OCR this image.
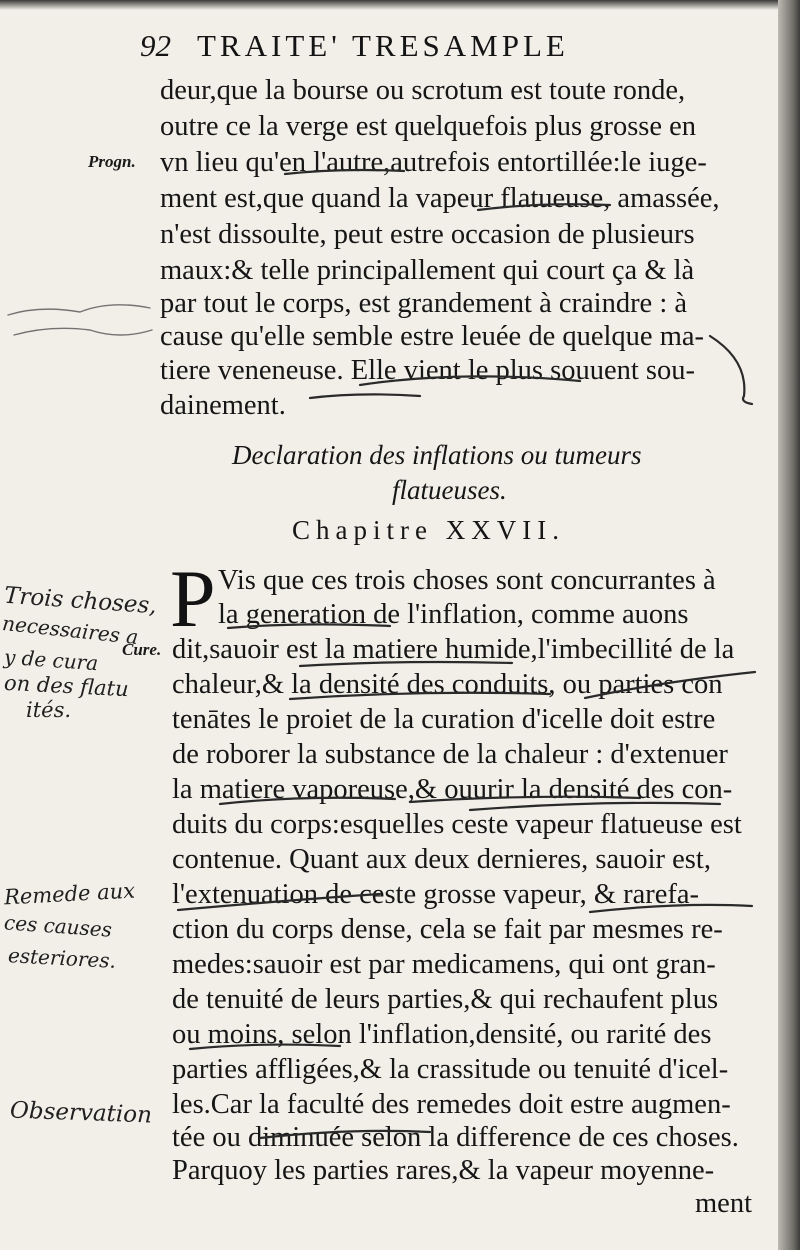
92 TRAITE' TRESAMPLE
deur,que la bourse ou scrotum est toute ronde,
outre ce la verge est quelquefois plus grosse en
vn lieu qu'en l'autre,autrefois entortillée:le iuge-
ment est,que quand la vapeur flatueuse, amassée,
n'est dissoulte, peut estre occasion de plusieurs
maux:& telle principallement qui court ça & là
par tout le corps, est grandement à craindre : à
cause qu'elle semble estre leuée de quelque ma-
tiere veneneuse. Elle vient le plus souuent sou-
dainement.
Progn.
Declaration des inflations ou tumeurs
flatueuses.
Chapitre XXVII.
P Vis que ces trois choses sont concurrantes à
la generation de l'inflation, comme auons
dit,sauoir est la matiere humide,l'imbecillité de la
chaleur,& la densité des conduits, ou parties con
tenātes le proiet de la curation d'icelle doit estre
de roborer la substance de la chaleur : d'extenuer
la matiere vaporeuse,& ouurir la densité des con-
duits du corps:esquelles ceste vapeur flatueuse est
contenue. Quant aux deux dernieres, sauoir est,
l'extenuation de ceste grosse vapeur, & rarefa-
ction du corps dense, cela se fait par mesmes re-
medes:sauoir est par medicamens, qui ont gran-
de tenuité de leurs parties,& qui rechaufent plus
ou moins, selon l'inflation,densité, ou rarité des
parties affligées,& la crassitude ou tenuité d'icel-
les.Car la faculté des remedes doit estre augmen-
tée ou diminuée selon la difference de ces choses.
Parquoy les parties rares,& la vapeur moyenne-
ment
Cure.
Trois choses,
necessaires a
y de cura
on des flatu
ités.
Remede aux
ces causes
esteriores.
Observation
